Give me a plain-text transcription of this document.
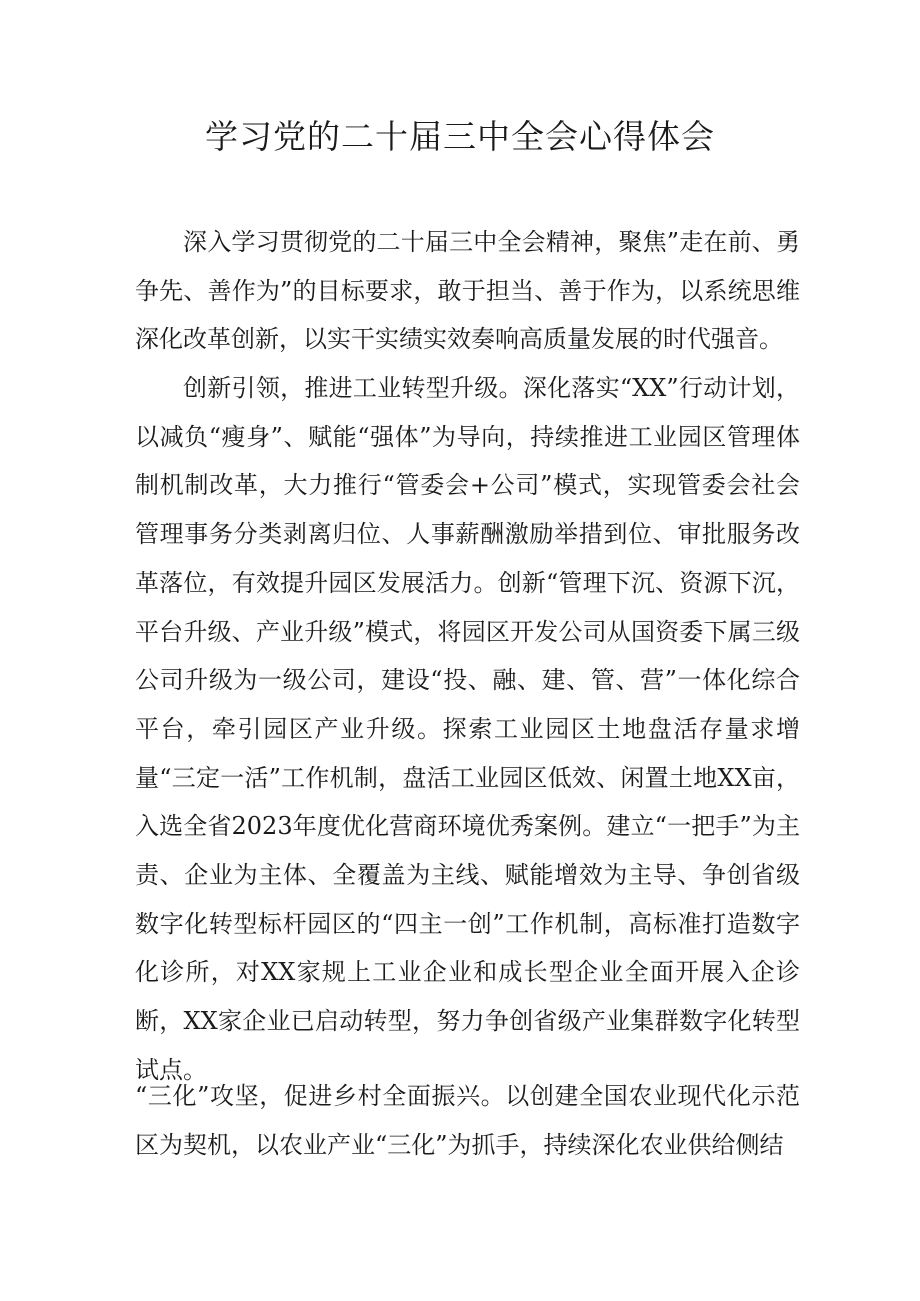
学习党的二十届三中全会心得体会

深入学习贯彻党的二十届三中全会精神，聚焦”走在前、勇争先、善作为”的目标要求，敢于担当、善于作为，以系统思维深化改革创新，以实干实绩实效奏响高质量发展的时代强音。

创新引领，推进工业转型升级。深化落实“XX”行动计划，以减负“瘦身”、赋能“强体”为导向，持续推进工业园区管理体制机制改革，大力推行“管委会+公司”模式，实现管委会社会管理事务分类剥离归位、人事薪酬激励举措到位、审批服务改革落位，有效提升园区发展活力。创新“管理下沉、资源下沉，平台升级、产业升级”模式，将园区开发公司从国资委下属三级公司升级为一级公司，建设“投、融、建、管、营”一体化综合平台，牵引园区产业升级。探索工业园区土地盘活存量求增量“三定一活”工作机制，盘活工业园区低效、闲置土地XX亩，入选全省2023年度优化营商环境优秀案例。建立“一把手”为主责、企业为主体、全覆盖为主线、赋能增效为主导、争创省级数字化转型标杆园区的“四主一创”工作机制，高标准打造数字化诊所，对XX家规上工业企业和成长型企业全面开展入企诊断，XX家企业已启动转型，努力争创省级产业集群数字化转型试点。

“三化”攻坚，促进乡村全面振兴。以创建全国农业现代化示范区为契机，以农业产业“三化”为抓手，持续深化农业供给侧结
